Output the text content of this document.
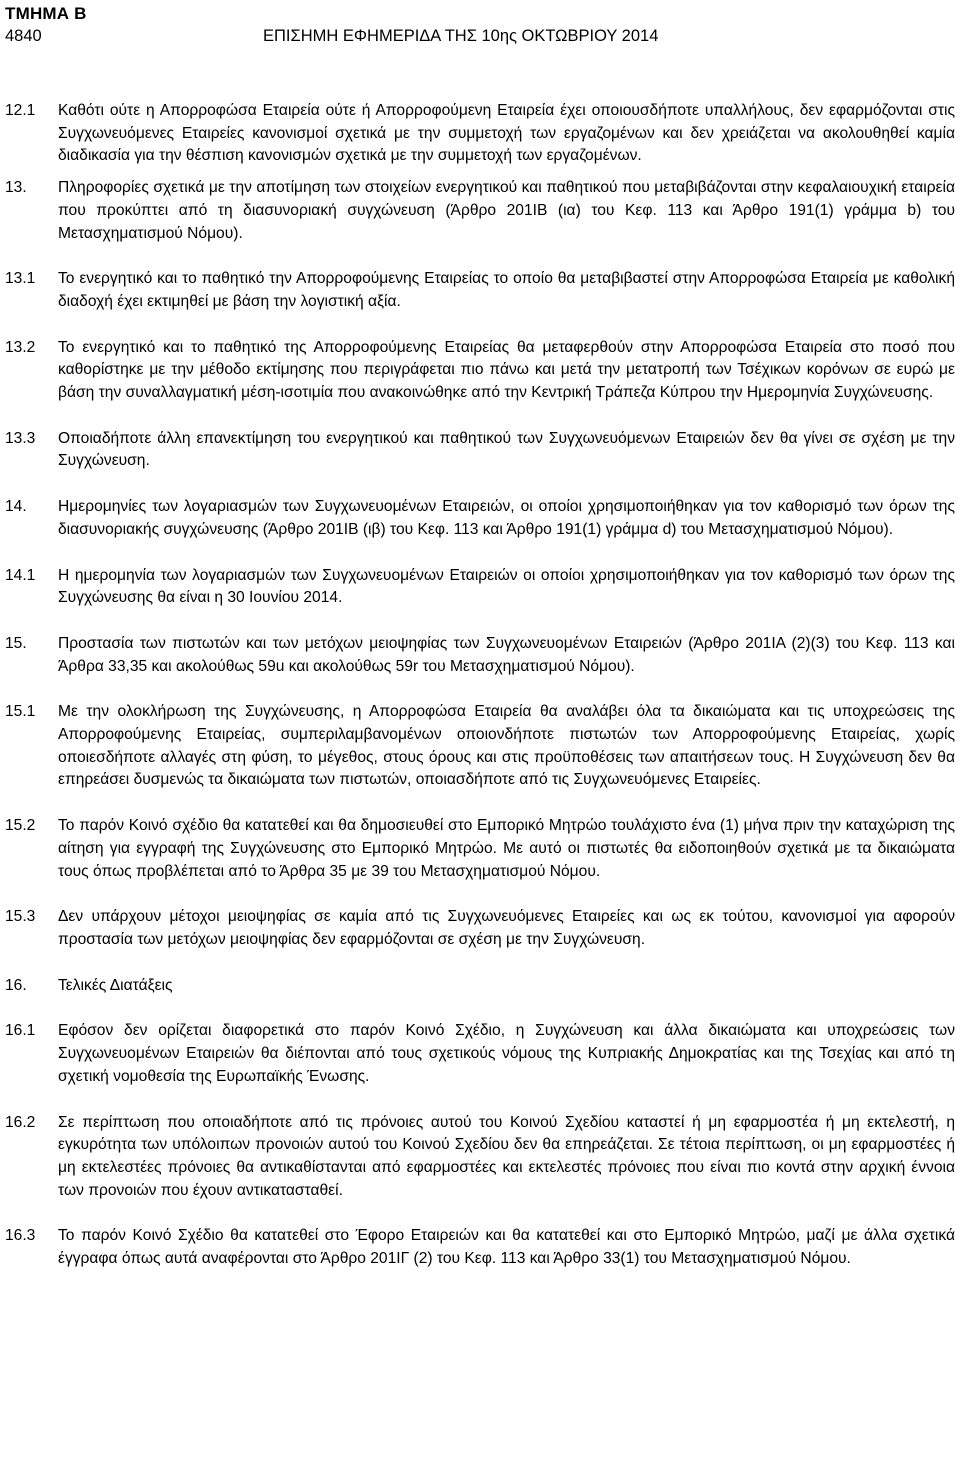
ΤΜΗΜΑ Β
4840	ΕΠΙΣΗΜΗ ΕΦΗΜΕΡΙΔΑ ΤΗΣ 10ης ΟΚΤΩΒΡΙΟΥ 2014
12.1 Καθότι ούτε η Απορροφώσα Εταιρεία ούτε ή Απορροφούμενη Εταιρεία έχει οποιουσδήποτε υπαλλήλους, δεν εφαρμόζονται στις Συγχωνευόμενες Εταιρείες κανονισμοί σχετικά με την συμμετοχή των εργαζομένων και δεν χρειάζεται να ακολουθηθεί καμία διαδικασία για την θέσπιση κανονισμών σχετικά με την συμμετοχή των εργαζομένων.
13. Πληροφορίες σχετικά με την αποτίμηση των στοιχείων ενεργητικού και παθητικού που μεταβιβάζονται στην κεφαλαιουχική εταιρεία που προκύπτει από τη διασυνοριακή συγχώνευση (Άρθρο 201ΙΒ (ια) του Κεφ. 113 και Άρθρο 191(1) γράμμα b) του Μετασχηματισμού Νόμου).
13.1 Το ενεργητικό και το παθητικό την Απορροφούμενης Εταιρείας το οποίο θα μεταβιβαστεί στην Απορροφώσα Εταιρεία με καθολική διαδοχή έχει εκτιμηθεί με βάση την λογιστική αξία.
13.2 Το ενεργητικό και το παθητικό της Απορροφούμενης Εταιρείας θα μεταφερθούν στην Απορροφώσα Εταιρεία στο ποσό που καθορίστηκε με την μέθοδο εκτίμησης που περιγράφεται πιο πάνω και μετά την μετατροπή των Τσέχικων κορόνων σε ευρώ με βάση την συναλλαγματική μέση-ισοτιμία που ανακοινώθηκε από την Κεντρική Τράπεζα Κύπρου την Ημερομηνία Συγχώνευσης.
13.3 Οποιαδήποτε άλλη επανεκτίμηση του ενεργητικού και παθητικού των Συγχωνευόμενων Εταιρειών δεν θα γίνει σε σχέση με την Συγχώνευση.
14. Ημερομηνίες των λογαριασμών των Συγχωνευομένων Εταιρειών, οι οποίοι χρησιμοποιήθηκαν για τον καθορισμό των όρων της διασυνοριακής συγχώνευσης (Άρθρο 201ΙΒ (ιβ) του Κεφ. 113 και Άρθρο 191(1) γράμμα d) του Μετασχηματισμού Νόμου).
14.1 Η ημερομηνία των λογαριασμών των Συγχωνευομένων Εταιρειών οι οποίοι χρησιμοποιήθηκαν για τον καθορισμό των όρων της Συγχώνευσης θα είναι η 30 Ιουνίου 2014.
15. Προστασία των πιστωτών και των μετόχων μειοψηφίας των Συγχωνευομένων Εταιρειών (Άρθρο 201ΙΑ (2)(3) του Κεφ. 113 και Άρθρα 33,35 και ακολούθως 59u και ακολούθως 59r του Μετασχηματισμού Νόμου).
15.1 Με την ολοκλήρωση της Συγχώνευσης, η Απορροφώσα Εταιρεία θα αναλάβει όλα τα δικαιώματα και τις υποχρεώσεις της Απορροφούμενης Εταιρείας, συμπεριλαμβανομένων οποιονδήποτε πιστωτών των Απορροφούμενης Εταιρείας, χωρίς οποιεσδήποτε αλλαγές στη φύση, το μέγεθος, στους όρους και στις προϋποθέσεις των απαιτήσεων τους. Η Συγχώνευση δεν θα επηρεάσει δυσμενώς τα δικαιώματα των πιστωτών, οποιασδήποτε από τις Συγχωνευόμενες Εταιρείες.
15.2 Το παρόν Κοινό σχέδιο θα κατατεθεί και θα δημοσιευθεί στο Εμπορικό Μητρώο τουλάχιστο ένα (1) μήνα πριν την καταχώριση της αίτηση για εγγραφή της Συγχώνευσης στο Εμπορικό Μητρώο. Με αυτό οι πιστωτές θα ειδοποιηθούν σχετικά με τα δικαιώματα τους όπως προβλέπεται από το Άρθρα 35 με 39 του Μετασχηματισμού Νόμου.
15.3 Δεν υπάρχουν μέτοχοι μειοψηφίας σε καμία από τις Συγχωνευόμενες Εταιρείες και ως εκ τούτου, κανονισμοί για αφορούν προστασία των μετόχων μειοψηφίας δεν εφαρμόζονται σε σχέση με την Συγχώνευση.
16. Τελικές Διατάξεις
16.1 Εφόσον δεν ορίζεται διαφορετικά στο παρόν Κοινό Σχέδιο, η Συγχώνευση και άλλα δικαιώματα και υποχρεώσεις των Συγχωνευομένων Εταιρειών θα διέπονται από τους σχετικούς νόμους της Κυπριακής Δημοκρατίας και της Τσεχίας και από τη σχετική νομοθεσία της Ευρωπαϊκής Ένωσης.
16.2 Σε περίπτωση που οποιαδήποτε από τις πρόνοιες αυτού του Κοινού Σχεδίου καταστεί ή μη εφαρμοστέα ή μη εκτελεστή, η εγκυρότητα των υπόλοιπων προνοιών αυτού του Κοινού Σχεδίου δεν θα επηρεάζεται. Σε τέτοια περίπτωση, οι μη εφαρμοστέες ή μη εκτελεστέες πρόνοιες θα αντικαθίστανται από εφαρμοστέες και εκτελεστές πρόνοιες που είναι πιο κοντά στην αρχική έννοια των προνοιών που έχουν αντικατασταθεί.
16.3 Το παρόν Κοινό Σχέδιο θα κατατεθεί στο Έφορο Εταιρειών και θα κατατεθεί και στο Εμπορικό Μητρώο, μαζί με άλλα σχετικά έγγραφα όπως αυτά αναφέρονται στο Άρθρο 201ΙΓ (2) του Κεφ. 113 και Άρθρο 33(1) του Μετασχηματισμού Νόμου.
